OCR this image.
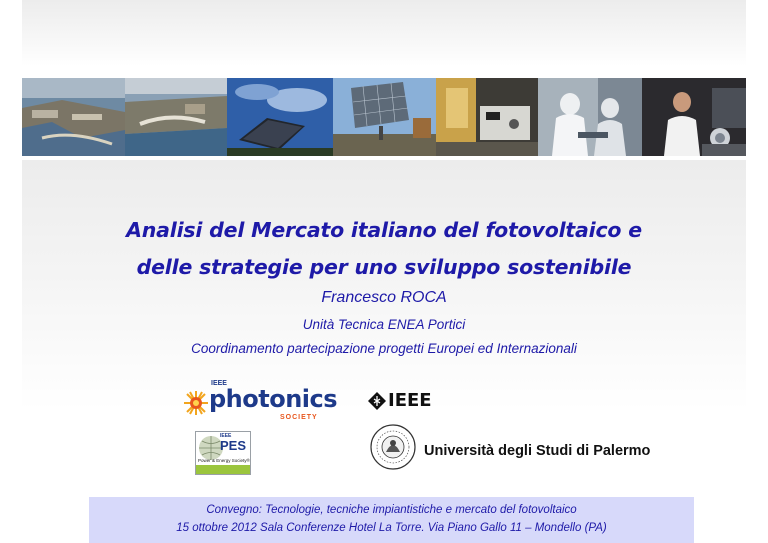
Analisi del Mercato italiano del fotovoltaico e
delle strategie per uno sviluppo sostenibile
Francesco ROCA
Unità Tecnica ENEA Portici
Coordinamento partecipazione progetti Europei ed Internazionali
IEEE
photonics
SOCIETY
IEEE
IEEE
PES
Power & Energy Society®
Università degli Studi di Palermo
Convegno: Tecnologie, tecniche impiantistiche e mercato del fotovoltaico
15 ottobre 2012 Sala Conferenze Hotel La Torre. Via Piano Gallo 11 – Mondello (PA)
